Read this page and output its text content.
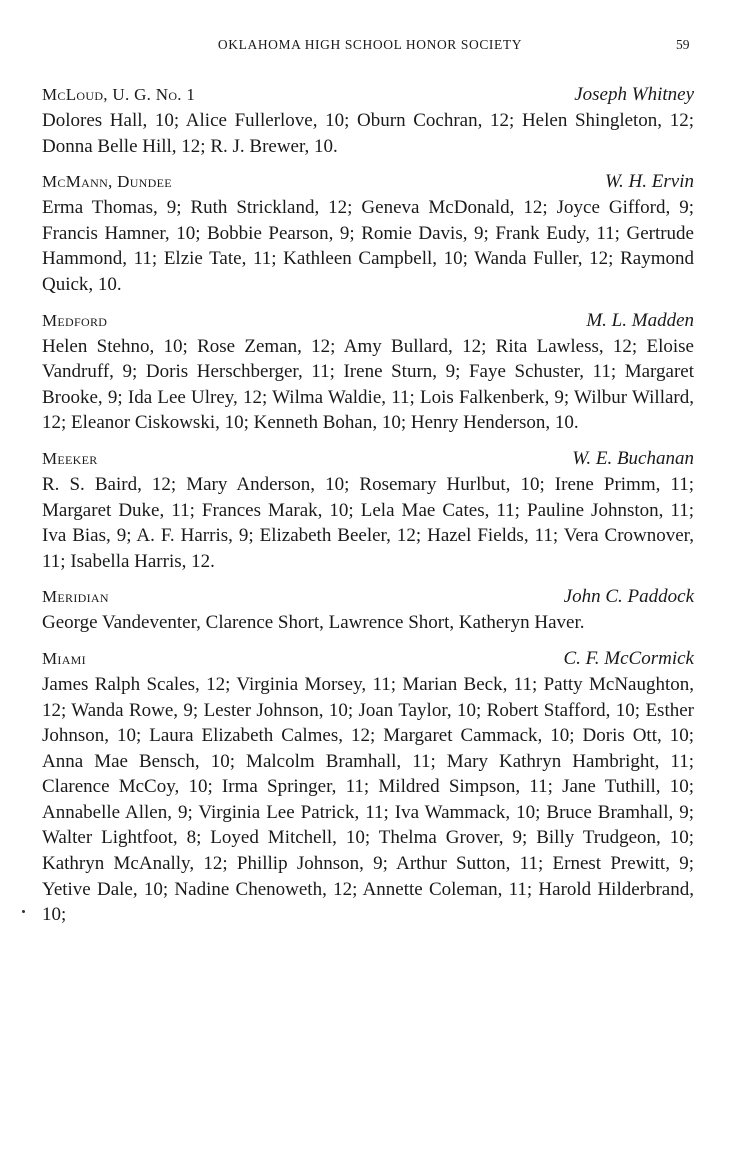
OKLAHOMA HIGH SCHOOL HONOR SOCIETY	59
McLoud, U. G. No. 1	Joseph Whitney

Dolores Hall, 10; Alice Fullerlove, 10; Oburn Cochran, 12; Helen Shingleton, 12; Donna Belle Hill, 12; R. J. Brewer, 10.

McMann, Dundee	W. H. Ervin

Erma Thomas, 9; Ruth Strickland, 12; Geneva McDonald, 12; Joyce Gifford, 9; Francis Hamner, 10; Bobbie Pearson, 9; Romie Davis, 9; Frank Eudy, 11; Gertrude Hammond, 11; Elzie Tate, 11; Kathleen Campbell, 10; Wanda Fuller, 12; Raymond Quick, 10.

Medford	M. L. Madden

Helen Stehno, 10; Rose Zeman, 12; Amy Bullard, 12; Rita Lawless, 12; Eloise Vandruff, 9; Doris Herschberger, 11; Irene Sturn, 9; Faye Schuster, 11; Margaret Brooke, 9; Ida Lee Ulrey, 12; Wilma Waldie, 11; Lois Falkenberk, 9; Wilbur Willard, 12; Eleanor Ciskowski, 10; Kenneth Bohan, 10; Henry Henderson, 10.

Meeker	W. E. Buchanan

R. S. Baird, 12; Mary Anderson, 10; Rosemary Hurlbut, 10; Irene Primm, 11; Margaret Duke, 11; Frances Marak, 10; Lela Mae Cates, 11; Pauline Johnston, 11; Iva Bias, 9; A. F. Harris, 9; Elizabeth Beeler, 12; Hazel Fields, 11; Vera Crownover, 11; Isabella Harris, 12.

Meridian	John C. Paddock

George Vandeventer, Clarence Short, Lawrence Short, Katheryn Haver.

Miami	C. F. McCormick

James Ralph Scales, 12; Virginia Morsey, 11; Marian Beck, 11; Patty McNaughton, 12; Wanda Rowe, 9; Lester Johnson, 10; Joan Taylor, 10; Robert Stafford, 10; Esther Johnson, 10; Laura Elizabeth Calmes, 12; Margaret Cammack, 10; Doris Ott, 10; Anna Mae Bensch, 10; Malcolm Bramhall, 11; Mary Kathryn Hambright, 11; Clarence McCoy, 10; Irma Springer, 11; Mildred Simpson, 11; Jane Tuthill, 10; Annabelle Allen, 9; Virginia Lee Patrick, 11; Iva Wammack, 10; Bruce Bramhall, 9; Walter Lightfoot, 8; Loyed Mitchell, 10; Thelma Grover, 9; Billy Trudgeon, 10; Kathryn McAnally, 12; Phillip Johnson, 9; Arthur Sutton, 11; Ernest Prewitt, 9; Yetive Dale, 10; Nadine Chenoweth, 12; Annette Coleman, 11; Harold Hilderbrand, 10;
